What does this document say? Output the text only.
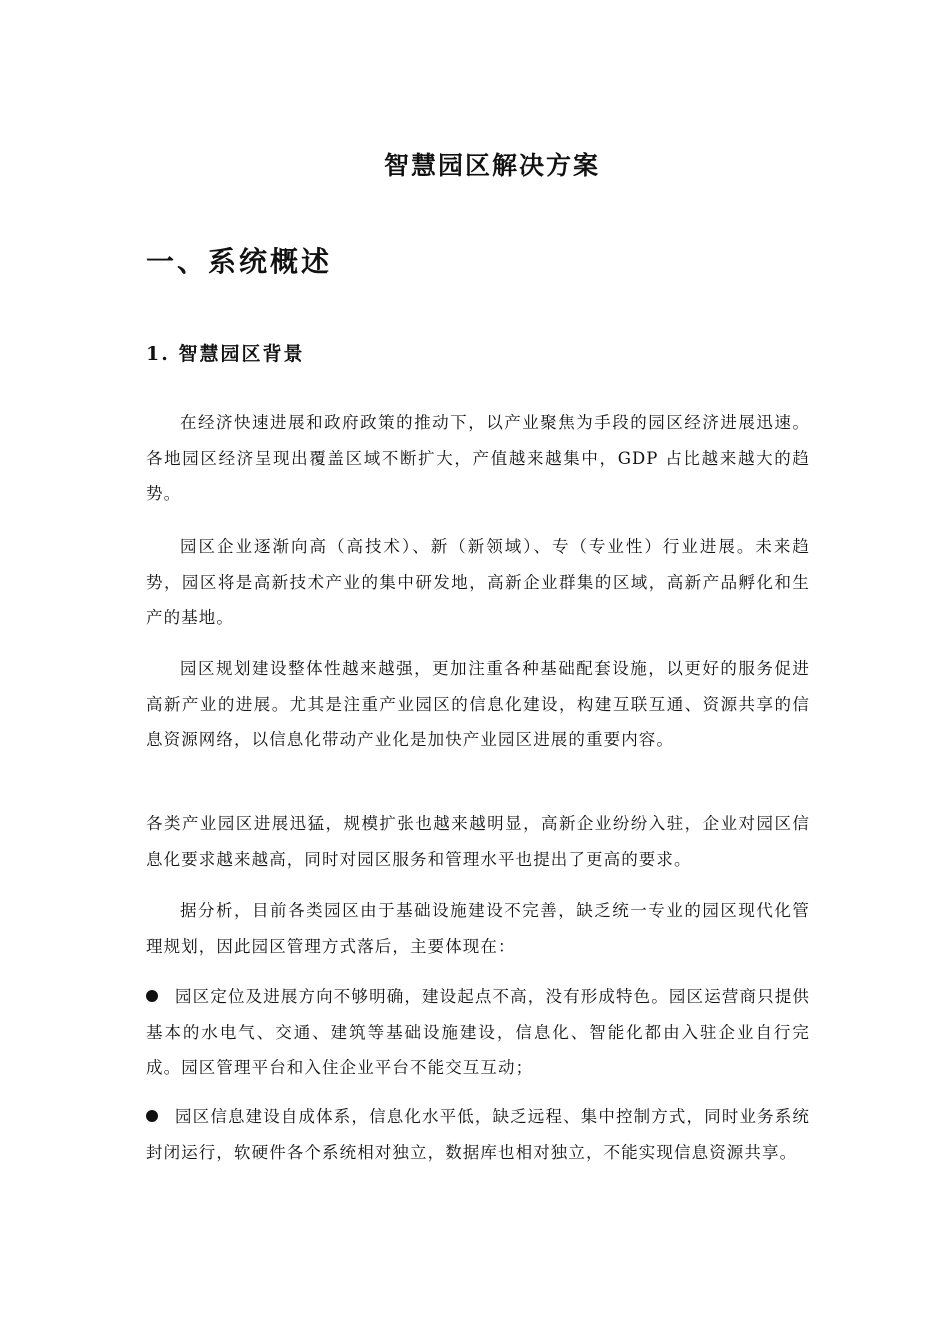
智慧园区解决方案
一、系统概述
1. 智慧园区背景

在经济快速进展和政府政策的推动下，以产业聚焦为手段的园区经济进展迅速。各地园区经济呈现出覆盖区域不断扩大，产值越来越集中，GDP 占比越来越大的趋势。

园区企业逐渐向高（高技术）、新（新领域）、专（专业性）行业进展。未来趋势，园区将是高新技术产业的集中研发地，高新企业群集的区域，高新产品孵化和生产的基地。

园区规划建设整体性越来越强，更加注重各种基础配套设施，以更好的服务促进高新产业的进展。尤其是注重产业园区的信息化建设，构建互联互通、资源共享的信息资源网络，以信息化带动产业化是加快产业园区进展的重要内容。

各类产业园区进展迅猛，规模扩张也越来越明显，高新企业纷纷入驻，企业对园区信息化要求越来越高，同时对园区服务和管理水平也提出了更高的要求。

据分析，目前各类园区由于基础设施建设不完善，缺乏统一专业的园区现代化管理规划，因此园区管理方式落后，主要体现在：

园区定位及进展方向不够明确，建设起点不高，没有形成特色。园区运营商只提供基本的水电气、交通、建筑等基础设施建设，信息化、智能化都由入驻企业自行完成。园区管理平台和入住企业平台不能交互互动；
园区信息建设自成体系，信息化水平低，缺乏远程、集中控制方式，同时业务系统封闭运行，软硬件各个系统相对独立，数据库也相对独立，不能实现信息资源共享。
